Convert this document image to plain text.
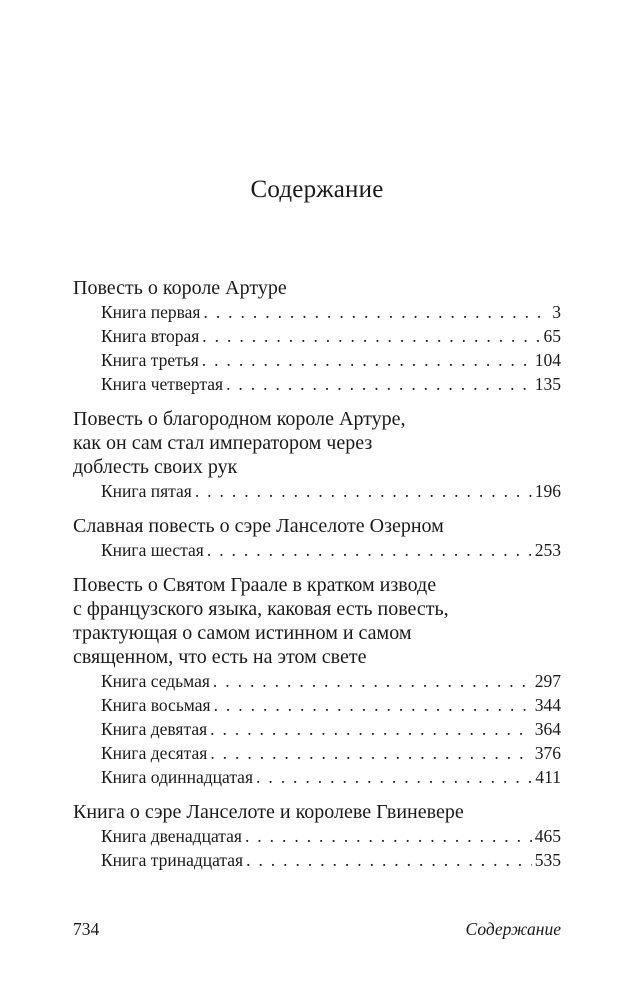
Содержание
Повесть о короле Артуре
Книга первая . . .	3
Книга вторая . . .	65
Книга третья . . .	104
Книга четвертая . . .	135
Повесть о благородном короле Артуре,
как он сам стал императором через
доблесть своих рук
Книга пятая . . .	196
Славная повесть о сэре Ланселоте Озерном
Книга шестая . . .	253
Повесть о Святом Граале в кратком изводе
с французского языка, каковая есть повесть,
трактующая о самом истинном и самом
священном, что есть на этом свете
Книга седьмая . . .	297
Книга восьмая . . .	344
Книга девятая . . .	364
Книга десятая . . .	376
Книга одиннадцатая . . .	411
Книга о сэре Ланселоте и королеве Гвиневере
Книга двенадцатая . . .	465
Книга тринадцатая . . .	535
734	Содержание
